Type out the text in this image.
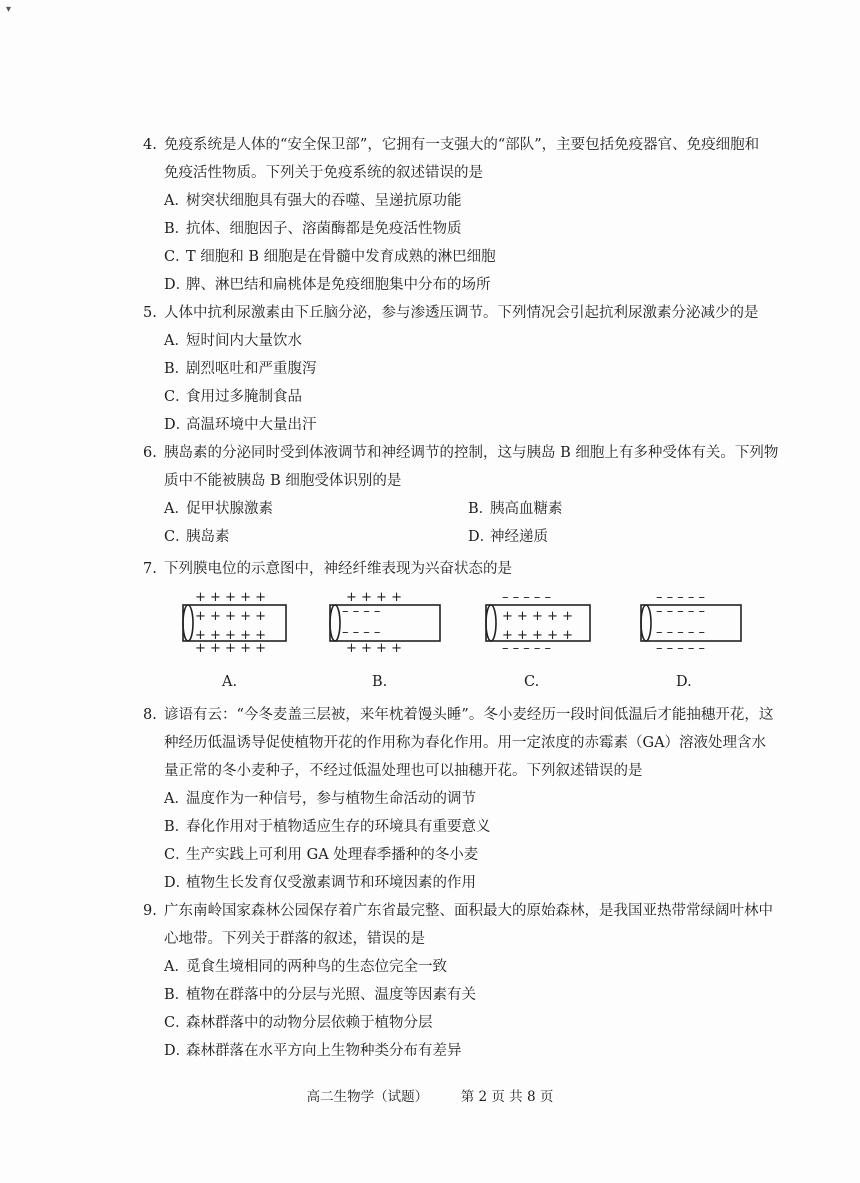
▾
4. 免疫系统是人体的“安全保卫部”，它拥有一支强大的“部队”，主要包括免疫器官、免疫细胞和
免疫活性物质。下列关于免疫系统的叙述错误的是
A．树突状细胞具有强大的吞噬、呈递抗原功能
B．抗体、细胞因子、溶菌酶都是免疫活性物质
C．T 细胞和 B 细胞是在骨髓中发育成熟的淋巴细胞
D．脾、淋巴结和扁桃体是免疫细胞集中分布的场所
5. 人体中抗利尿激素由下丘脑分泌，参与渗透压调节。下列情况会引起抗利尿激素分泌减少的是
A．短时间内大量饮水
B．剧烈呕吐和严重腹泻
C．食用过多腌制食品
D．高温环境中大量出汗
6. 胰岛素的分泌同时受到体液调节和神经调节的控制，这与胰岛 B 细胞上有多种受体有关。下列物
质中不能被胰岛 B 细胞受体识别的是
A．促甲状腺激素	B．胰高血糖素
C．胰岛素	D．神经递质
7. 下列膜电位的示意图中，神经纤维表现为兴奋状态的是
+ + + + +
+ + + + +
+ + + + +
+ + + + +
+ + + +
– – – –
– – – –
+ + + +
– – – – –
+ + + + +
+ + + + +
– – – – –
– – – – –
– – – – –
– – – – –
– – – – –
A.	B.	C.	D.
8. 谚语有云：“今冬麦盖三层被，来年枕着馒头睡”。冬小麦经历一段时间低温后才能抽穗开花，这
种经历低温诱导促使植物开花的作用称为春化作用。用一定浓度的赤霉素（GA）溶液处理含水
量正常的冬小麦种子，不经过低温处理也可以抽穗开花。下列叙述错误的是
A．温度作为一种信号，参与植物生命活动的调节
B．春化作用对于植物适应生存的环境具有重要意义
C．生产实践上可利用 GA 处理春季播种的冬小麦
D．植物生长发育仅受激素调节和环境因素的作用
9. 广东南岭国家森林公园保存着广东省最完整、面积最大的原始森林，是我国亚热带常绿阔叶林中
心地带。下列关于群落的叙述，错误的是
A．觅食生境相同的两种鸟的生态位完全一致
B．植物在群落中的分层与光照、温度等因素有关
C．森林群落中的动物分层依赖于植物分层
D．森林群落在水平方向上生物种类分布有差异
高二生物学（试题） 第 2 页 共 8 页
